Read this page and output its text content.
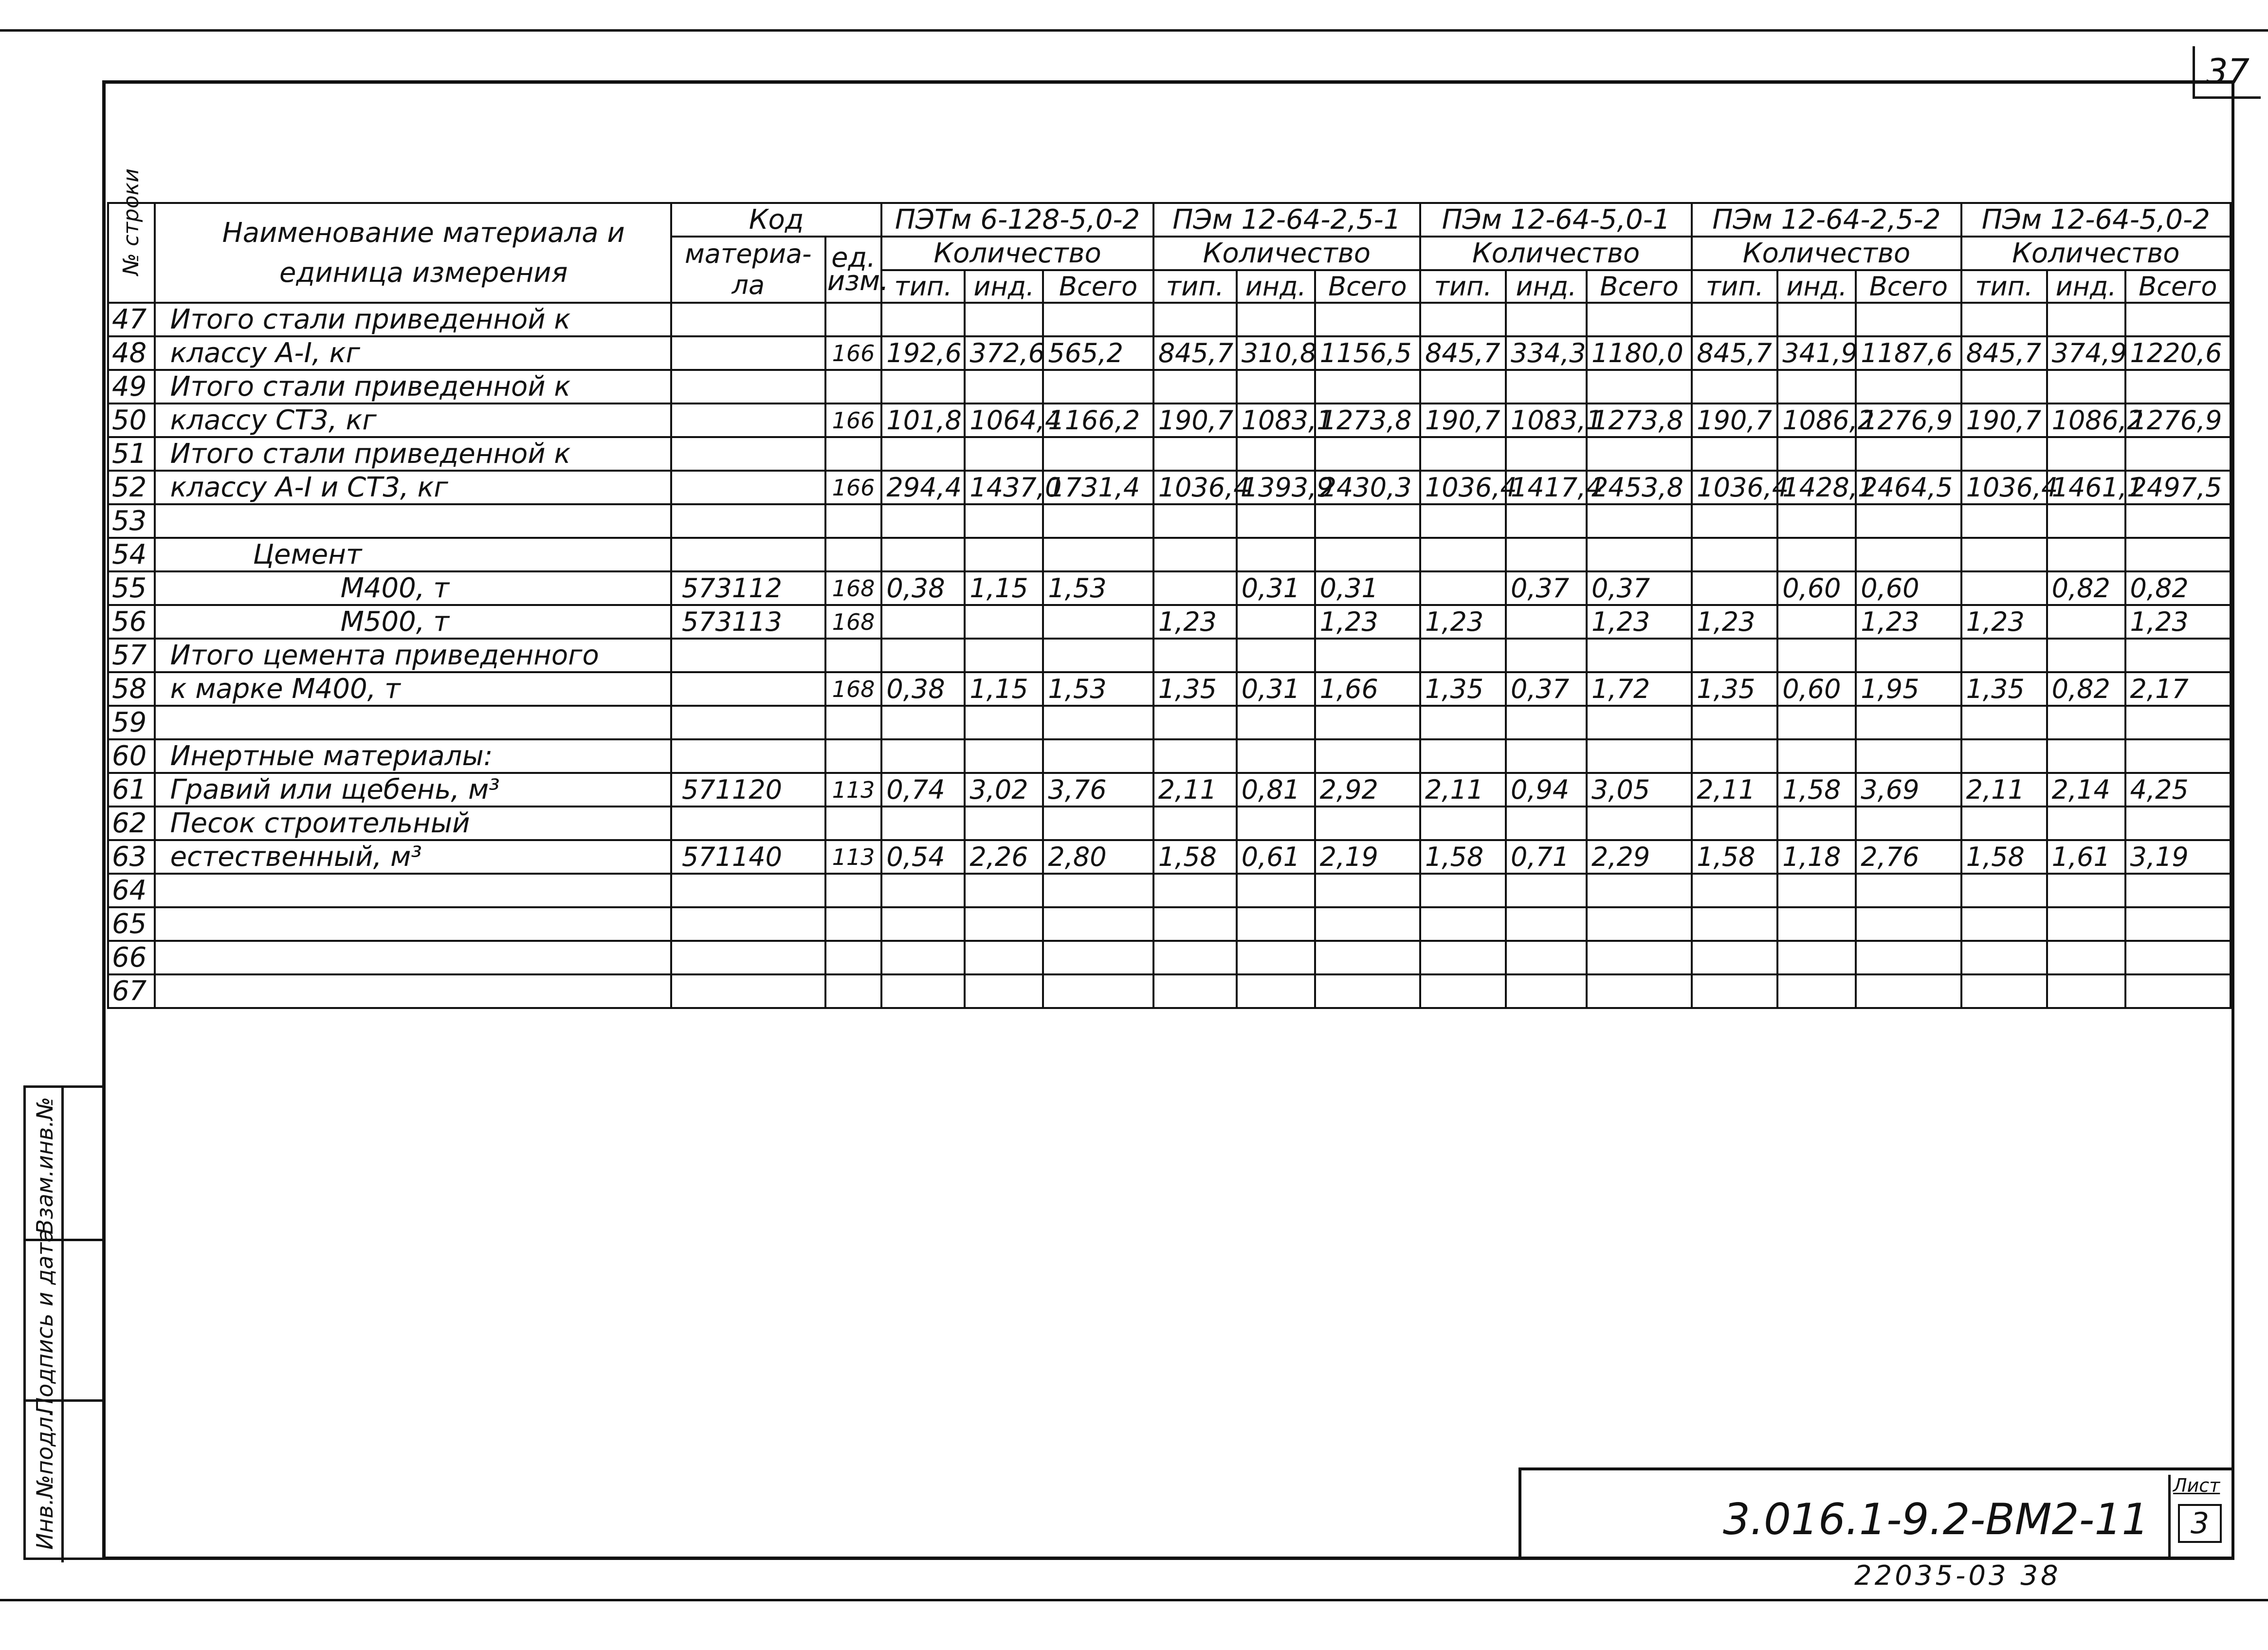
37
№ строки	Наименование материала и единица измерения	Код		ПЭТм 6-128-5,0-2			ПЭм 12-64-2,5-1			ПЭм 12-64-5,0-1			ПЭм 12-64-2,5-2			ПЭм 12-64-5,0-2		
		материа-ла	ед. изм.	Количество			Количество			Количество			Количество			Количество		
				тип.	инд.	Всего	тип.	инд.	Всего	тип.	инд.	Всего	тип.	инд.	Всего	тип.	инд.	Всего
47	Итого стали приведенной к																	
48	классу А-I, кг		166	192,6	372,6	565,2	845,7	310,8	1156,5	845,7	334,3	1180,0	845,7	341,9	1187,6	845,7	374,9	1220,6
49	Итого стали приведенной к																	
50	классу СТ3, кг		166	101,8	1064,4	1166,2	190,7	1083,1	1273,8	190,7	1083,1	1273,8	190,7	1086,2	1276,9	190,7	1086,2	1276,9
51	Итого стали приведенной к																	
52	классу А-I и СТ3, кг		166	294,4	1437,0	1731,4	1036,4	1393,9	2430,3	1036,4	1417,4	2453,8	1036,4	1428,1	2464,5	1036,4	1461,1	2497,5
53																		
54	Цемент																	
55	М400, т	573112	168	0,38	1,15	1,53		0,31	0,31		0,37	0,37		0,60	0,60		0,82	0,82
56	М500, т	573113	168				1,23		1,23	1,23		1,23	1,23		1,23	1,23		1,23
57	Итого цемента приведенного																	
58	к марке М400, т		168	0,38	1,15	1,53	1,35	0,31	1,66	1,35	0,37	1,72	1,35	0,60	1,95	1,35	0,82	2,17
59																		
60	Инертные материалы:																	
61	Гравий или щебень, м³	571120	113	0,74	3,02	3,76	2,11	0,81	2,92	2,11	0,94	3,05	2,11	1,58	3,69	2,11	2,14	4,25
62	Песок строительный																	
63	естественный, м³	571140	113	0,54	2,26	2,80	1,58	0,61	2,19	1,58	0,71	2,29	1,58	1,18	2,76	1,58	1,61	3,19
64																		
65																		
66																		
67																		
Взам.инв.№
Подпись и дата
Инв.№подл.	3.016.1-9.2-ВМ2-11
Лист
3
22035-03 38
